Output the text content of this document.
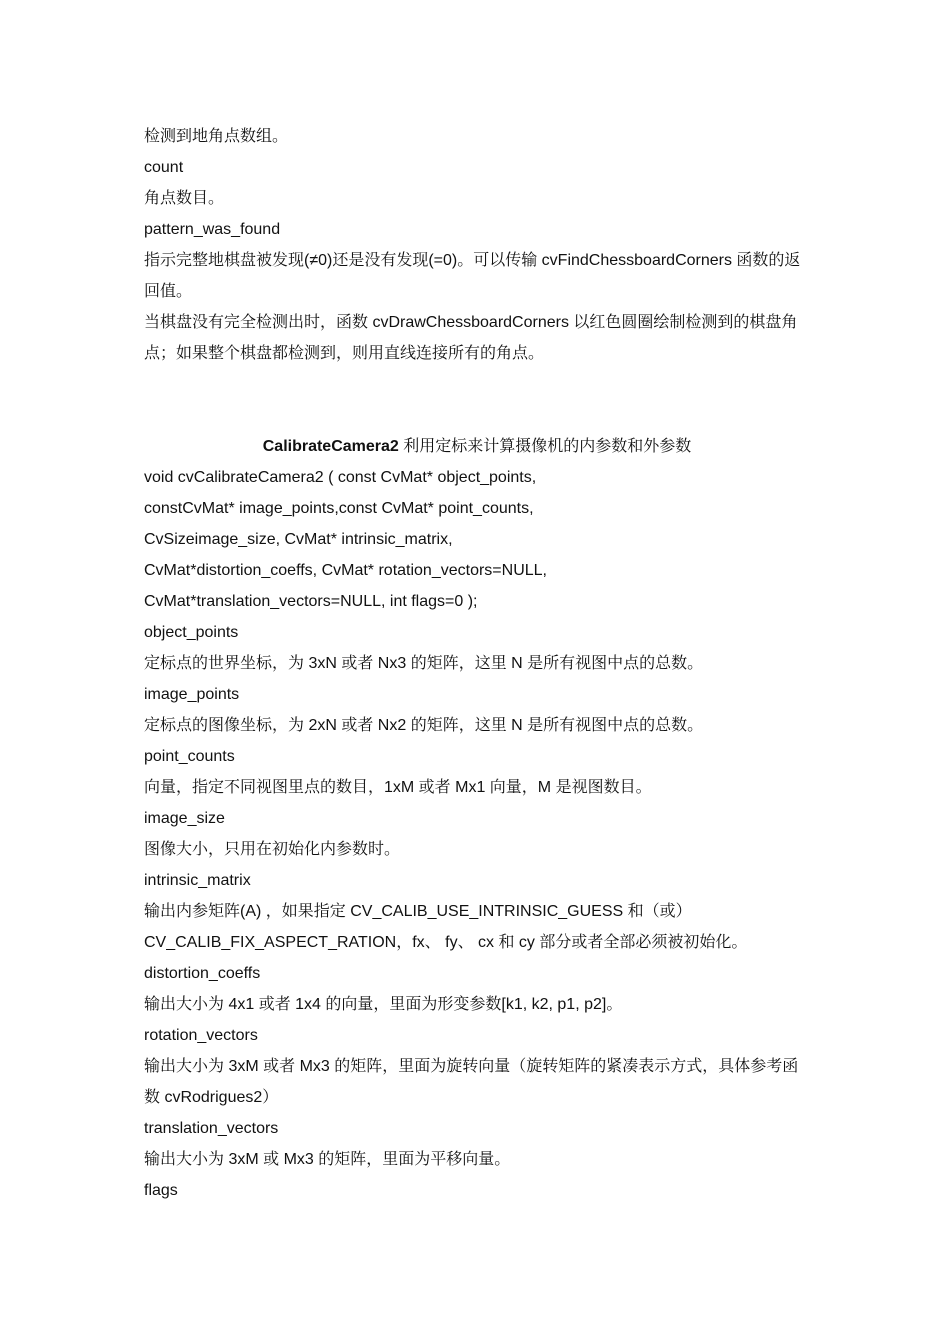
检测到地角点数组。
count
角点数目。
pattern_was_found
指示完整地棋盘被发现(≠0)还是没有发现(=0)。可以传输 cvFindChessboardCorners 函数的返回值。
当棋盘没有完全检测出时，函数 cvDrawChessboardCorners 以红色圆圈绘制检测到的棋盘角点；如果整个棋盘都检测到，则用直线连接所有的角点。
CalibrateCamera2 利用定标来计算摄像机的内参数和外参数
void cvCalibrateCamera2 ( const CvMat* object_points,
constCvMat* image_points,const CvMat* point_counts,
CvSizeimage_size, CvMat* intrinsic_matrix,
CvMat*distortion_coeffs, CvMat* rotation_vectors=NULL,
CvMat*translation_vectors=NULL, int flags=0 );
object_points
定标点的世界坐标，为 3xN 或者 Nx3 的矩阵，这里 N 是所有视图中点的总数。
image_points
定标点的图像坐标，为 2xN 或者 Nx2 的矩阵，这里 N 是所有视图中点的总数。
point_counts
向量，指定不同视图里点的数目，1xM 或者 Mx1 向量，M 是视图数目。
image_size
图像大小，只用在初始化内参数时。
intrinsic_matrix
输出内参矩阵(A) ，如果指定 CV_CALIB_USE_INTRINSIC_GUESS 和（或）
CV_CALIB_FIX_ASPECT_RATION，fx、 fy、 cx 和 cy 部分或者全部必须被初始化。
distortion_coeffs
输出大小为 4x1 或者 1x4 的向量，里面为形变参数[k1, k2, p1, p2]。
rotation_vectors
输出大小为 3xM 或者 Mx3 的矩阵，里面为旋转向量（旋转矩阵的紧凑表示方式，具体参考函数 cvRodrigues2）
translation_vectors
输出大小为 3xM 或 Mx3 的矩阵，里面为平移向量。
flags
